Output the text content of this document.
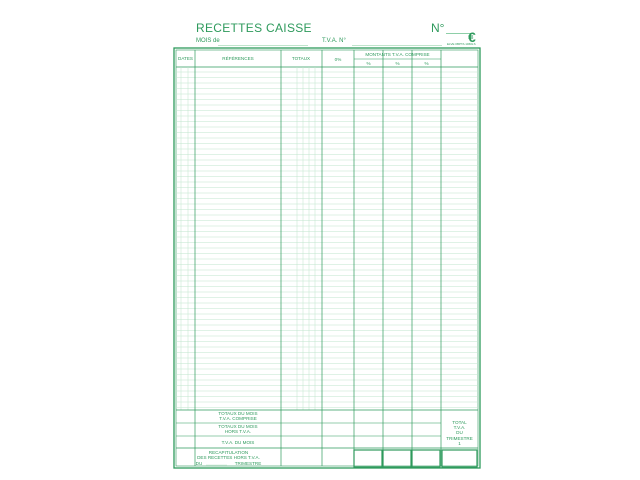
RECETTES CAISSE	N°
€
ELVE 0BPTA 1060LS
MOIS de	T.V.A. N°
DATES	RÉFÉRENCES	TOTAUX	0%
MONTANTS T.V.A. COMPRISE
%	%	%
TOTAUX DU MOIS
T.V.A. COMPRISE
TOTAUX DU MOIS
HORS T.V.A.
T.V.A. DU MOIS
RECAPITULATION
DES RECETTES HORS T.V.A.
DU	TRIMESTRE
TOTAL
T.V.A.
DU
TRIMESTRE
1
